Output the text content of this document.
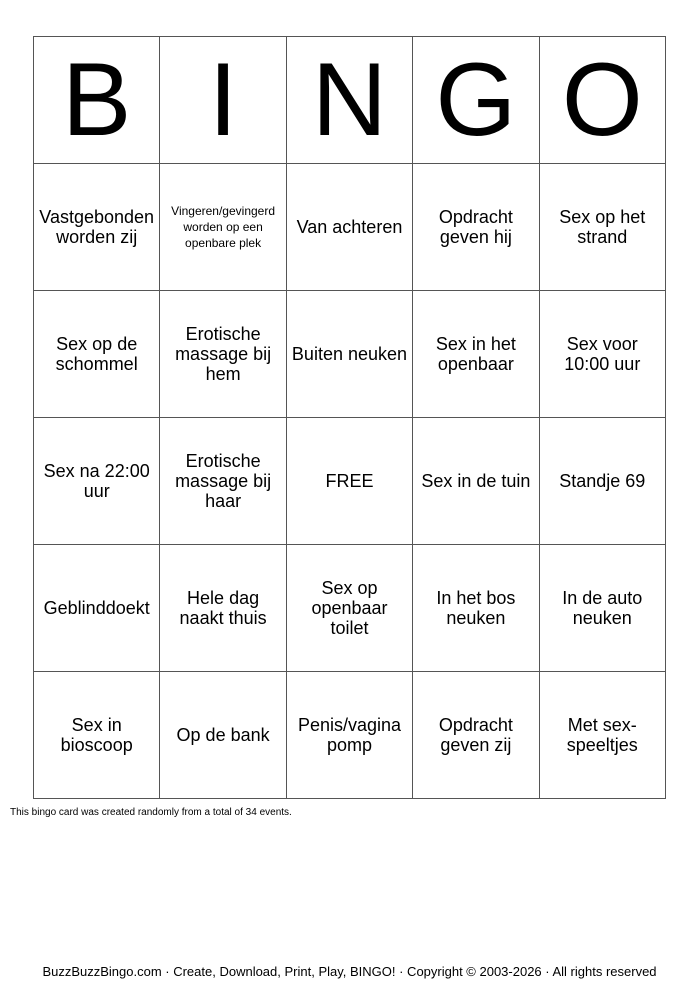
B	I	N	G	O
Vastgebonden worden zij	Vingeren/gevingerd worden op een openbare plek	Van achteren	Opdracht geven hij	Sex op het strand
Sex op de schommel	Erotische massage bij hem	Buiten neuken	Sex in het openbaar	Sex voor 10:00 uur
Sex na 22:00 uur	Erotische massage bij haar	FREE	Sex in de tuin	Standje 69
Geblinddoekt	Hele dag naakt thuis	Sex op openbaar toilet	In het bos neuken	In de auto neuken
Sex in bioscoop	Op de bank	Penis/vagina pomp	Opdracht geven zij	Met sex-speeltjes
This bingo card was created randomly from a total of 34 events.
BuzzBuzzBingo.com · Create, Download, Print, Play, BINGO! · Copyright © 2003-2026 · All rights reserved
